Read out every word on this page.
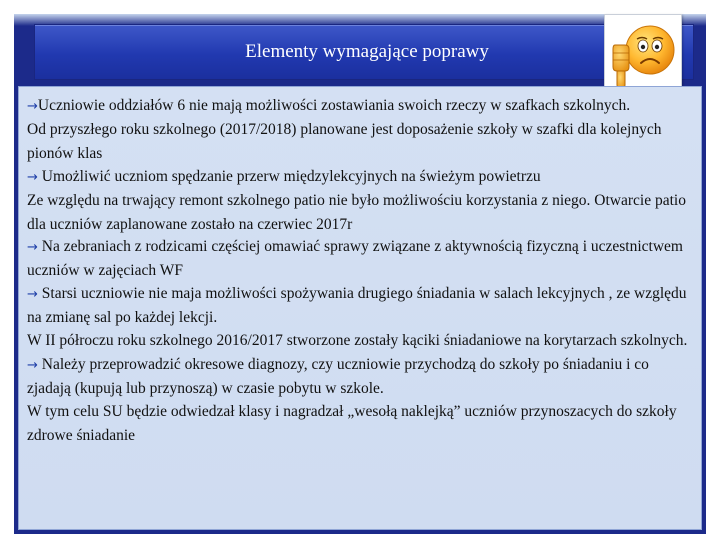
Elementy wymagające poprawy

→Uczniowie oddziałów 6 nie mają możliwości zostawiania swoich rzeczy w szafkach szkolnych.

Od przyszłego roku szkolnego (2017/2018) planowane jest doposażenie szkoły w szafki dla kolejnych pionów klas

→ Umożliwić uczniom spędzanie przerw międzylekcyjnych na świeżym powietrzu

Ze względu na trwający remont szkolnego patio nie było możliwościu korzystania z niego. Otwarcie patio dla uczniów zaplanowane zostało na czerwiec 2017r

→ Na zebraniach z rodzicami częściej omawiać sprawy związane z aktywnością fizyczną i uczestnictwem uczniów w zajęciach WF

→ Starsi uczniowie nie maja możliwości spożywania drugiego śniadania w salach lekcyjnych , ze względu na zmianę sal po każdej lekcji.

W II półroczu roku szkolnego 2016/2017 stworzone zostały kąciki śniadaniowe na korytarzach szkolnych.

→ Należy przeprowadzić okresowe diagnozy, czy uczniowie przychodzą do szkoły po śniadaniu i co zjadają (kupują lub przynoszą) w czasie pobytu w szkole.

W tym celu SU będzie odwiedzał klasy i nagradzał „wesołą naklejką” uczniów przynoszacych do szkoły zdrowe śniadanie
